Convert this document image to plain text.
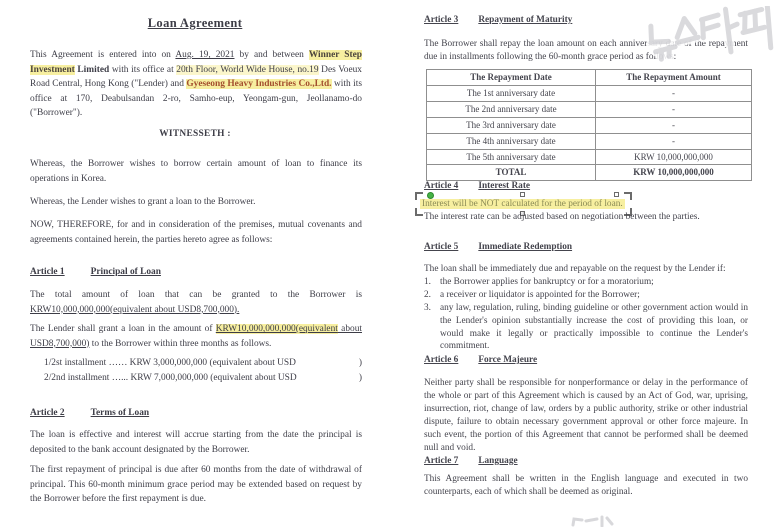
Loan Agreement
This Agreement is entered into on Aug. 19, 2021 by and between Winner Step Investment Limited with its office at 20th Floor, World Wide House, no.19 Des Voeux Road Central, Hong Kong ("Lender) and Gyeseong Heavy Industries Co.,Ltd. with its office at 170, Deabulsandan 2-ro, Samho-eup, Yeongam-gun, Jeollanamo-do ("Borrower").
WITNESSETH :
Whereas, the Borrower wishes to borrow certain amount of loan to finance its operations in Korea.
Whereas, the Lender wishes to grant a loan to the Borrower.
NOW, THEREFORE, for and in consideration of the premises, mutual covenants and agreements contained herein, the parties hereto agree as follows:
Article 1	Principal of Loan
The total amount of loan that can be granted to the Borrower is KRW10,000,000,000(equivalent about USD8,700,000).
The Lender shall grant a loan in the amount of KRW10,000,000,000(equivalent about USD8,700,000) to the Borrower within three months as follows.
1/2st installment …… KRW 3,000,000,000 (equivalent about USD	)
2/2nd installment …... KRW 7,000,000,000 (equivalent about USD	)
Article 2	Terms of Loan
The loan is effective and interest will accrue starting from the date the principal is deposited to the bank account designated by the Borrower.
The first repayment of principal is due after 60 months from the date of withdrawal of principal. This 60-month minimum grace period may be extended based on request by the Borrower before the first repayment is due.
Article 3 Repayment of Maturity
The Borrower shall repay the loan amount on each anniversary date of the repayment due in installments following the 60-month grace period as follows:
The Repayment Date	The Repayment Amount
The 1st anniversary date	-
The 2nd anniversary date	-
The 3rd anniversary date	-
The 4th anniversary date	-
The 5th anniversary date	KRW 10,000,000,000
TOTAL	KRW 10,000,000,000
Article 4 Interest Rate
Interest will be NOT calculated for the period of loan.
The interest rate can be adjusted based on negotiation between the parties.
Article 5 Immediate Redemption
The loan shall be immediately due and repayable on the request by the Lender if:
1. the Borrower applies for bankruptcy or for a moratorium;
2. a receiver or liquidator is appointed for the Borrower;
3. any law, regulation, ruling, binding guideline or other government action would in the Lender's opinion substantially increase the cost of providing this loan, or would make it legally or practically impossible to continue the Lender's commitment.
Article 6 Force Majeure
Neither party shall be responsible for nonperformance or delay in the performance of the whole or part of this Agreement which is caused by an Act of God, war, uprising, insurrection, riot, change of law, orders by a public authority, strike or other industrial dispute, failure to obtain necessary government approval or other force majeure. In such event, the portion of this Agreement that cannot be performed shall be deemed null and void.
Article 7 Language
This Agreement shall be written in the English language and executed in two counterparts, each of which shall be deemed as original.
